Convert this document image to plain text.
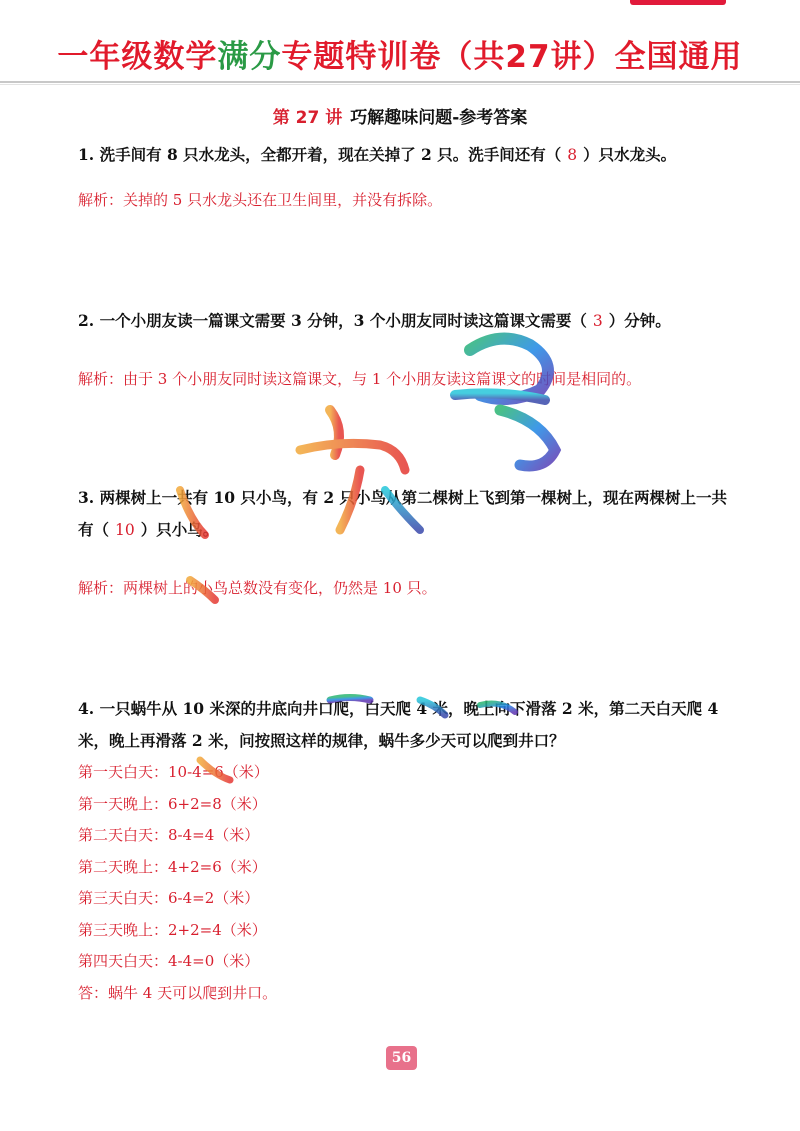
一年级数学满分专题特训卷（共27讲）全国通用
第 27 讲 巧解趣味问题-参考答案
1. 洗手间有 8 只水龙头，全都开着，现在关掉了 2 只。洗手间还有（ 8 ）只水龙头。
解析：关掉的 5 只水龙头还在卫生间里，并没有拆除。
2. 一个小朋友读一篇课文需要 3 分钟，3 个小朋友同时读这篇课文需要（ 3 ）分钟。
解析：由于 3 个小朋友同时读这篇课文，与 1 个小朋友读这篇课文的时间是相同的。
3. 两棵树上一共有 10 只小鸟，有 2 只小鸟从第二棵树上飞到第一棵树上，现在两棵树上一共有（ 10 ）只小鸟。
解析：两棵树上的小鸟总数没有变化，仍然是 10 只。
4. 一只蜗牛从 10 米深的井底向井口爬，白天爬 4 米，晚上向下滑落 2 米，第二天白天爬 4 米，晚上再滑落 2 米，问按照这样的规律，蜗牛多少天可以爬到井口？
第一天白天：10-4=6（米）
第一天晚上：6+2=8（米）
第二天白天：8-4=4（米）
第二天晚上：4+2=6（米）
第三天白天：6-4=2（米）
第三天晚上：2+2=4（米）
第四天白天：4-4=0（米）
答：蜗牛 4 天可以爬到井口。
56
